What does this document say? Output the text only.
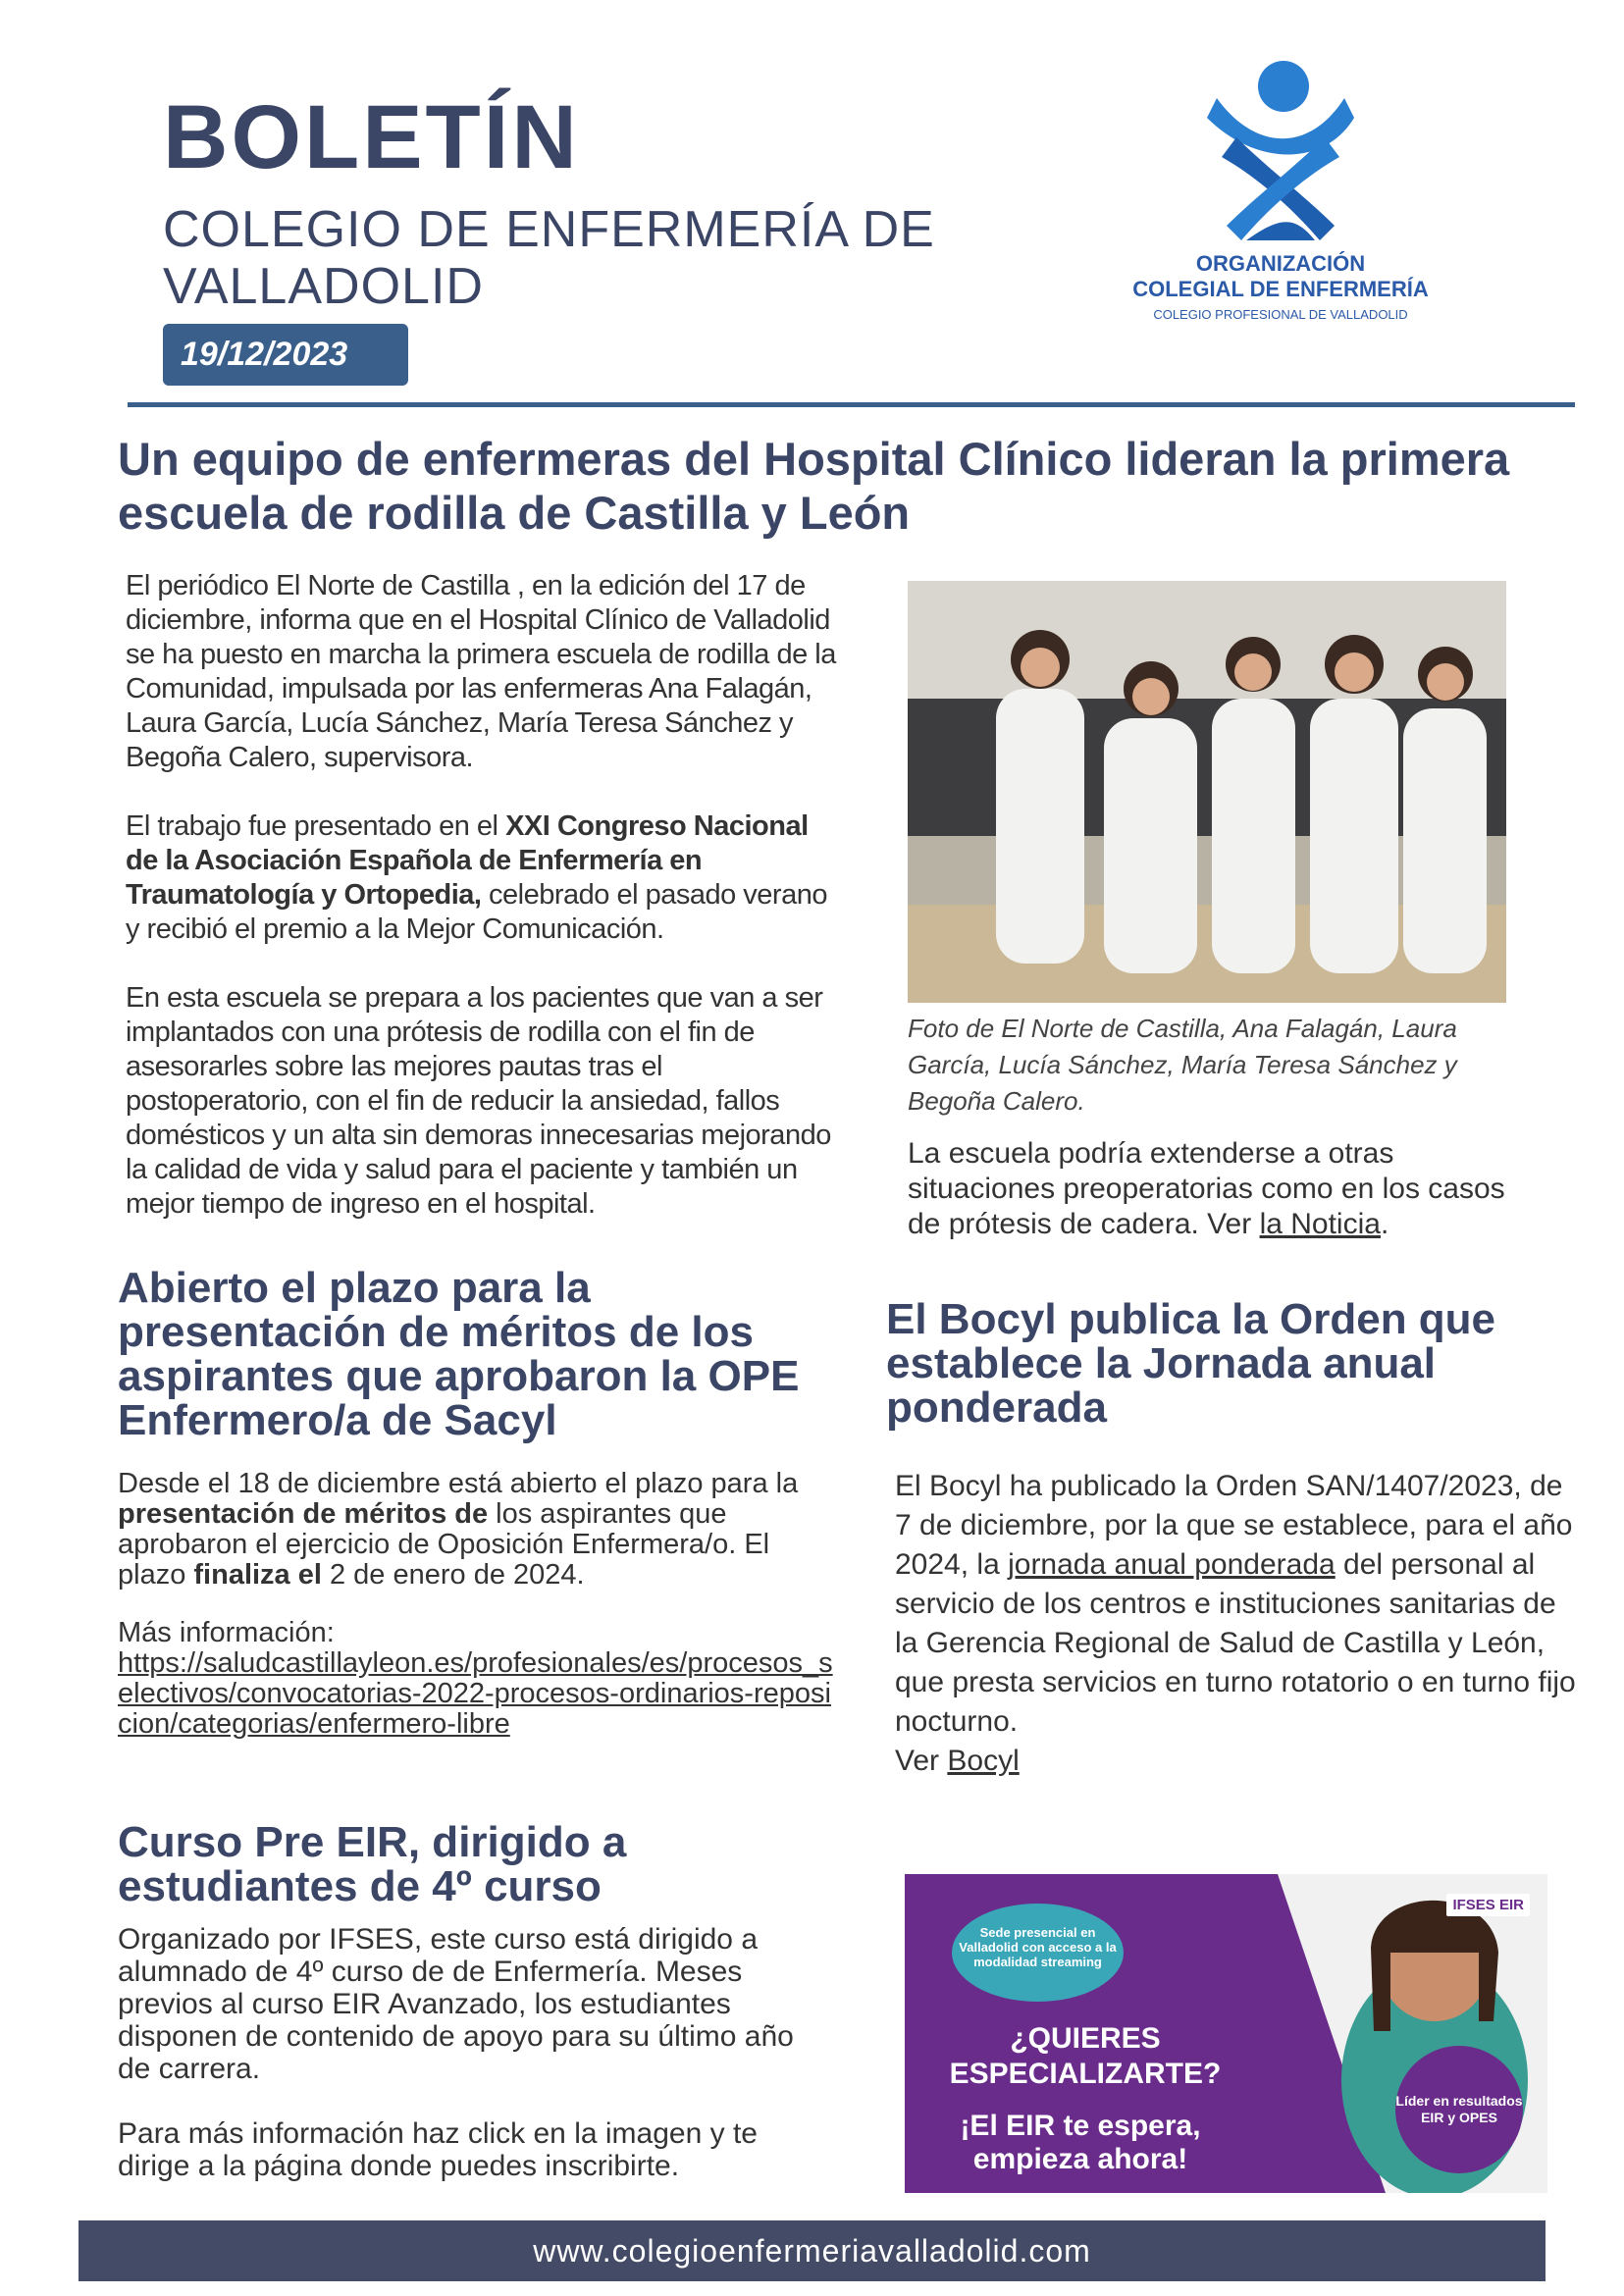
BOLETÍN
COLEGIO DE ENFERMERÍA DE VALLADOLID
19/12/2023
ORGANIZACIÓN
COLEGIAL DE ENFERMERÍA
COLEGIO PROFESIONAL DE VALLADOLID
Un equipo de enfermeras del Hospital Clínico lideran la primera escuela de rodilla de Castilla y León

El periódico El Norte de Castilla , en la edición del 17 de diciembre, informa que en el Hospital Clínico de Valladolid se ha puesto en marcha la primera escuela de rodilla de la Comunidad, impulsada por las enfermeras Ana Falagán, Laura García, Lucía Sánchez, María Teresa Sánchez y Begoña Calero, supervisora.

El trabajo fue presentado en el XXI Congreso Nacional de la Asociación Española de Enfermería en Traumatología y Ortopedia, celebrado el pasado verano y recibió el premio a la Mejor Comunicación.

En esta escuela se prepara a los pacientes que van a ser implantados con una prótesis de rodilla con el fin de asesorarles sobre las mejores pautas tras el postoperatorio, con el fin de reducir la ansiedad, fallos domésticos y un alta sin demoras innecesarias mejorando la calidad de vida y salud para el paciente y también un mejor tiempo de ingreso en el hospital.

Foto de El Norte de Castilla, Ana Falagán, Laura García, Lucía Sánchez, María Teresa Sánchez y Begoña Calero.
La escuela podría extenderse a otras situaciones preoperatorias como en los casos de prótesis de cadera. Ver la Noticia.
Abierto el plazo para la presentación de méritos de los aspirantes que aprobaron la OPE Enfermero/a de Sacyl

Desde el 18 de diciembre está abierto el plazo para la presentación de méritos de los aspirantes que aprobaron el ejercicio de Oposición Enfermera/o. El plazo finaliza el 2 de enero de 2024.

Más información:
https://saludcastillayleon.es/profesionales/es/procesos_selectivos/convocatorias-2022-procesos-ordinarios-reposicion/categorias/enfermero-libre

El Bocyl publica la Orden que establece la Jornada anual ponderada
El Bocyl ha publicado la Orden SAN/1407/2023, de 7 de diciembre, por la que se establece, para el año 2024, la jornada anual ponderada del personal al servicio de los centros e instituciones sanitarias de la Gerencia Regional de Salud de Castilla y León, que presta servicios en turno rotatorio o en turno fijo nocturno.
Ver Bocyl
Curso Pre EIR, dirigido a estudiantes de 4º curso

Organizado por IFSES, este curso está dirigido a alumnado de 4º curso de de Enfermería. Meses previos al curso EIR Avanzado, los estudiantes disponen de contenido de apoyo para su último año de carrera.

Para más información haz click en la imagen y te dirige a la página donde puedes inscribirte.

Sede presencial en Valladolid con acceso a la modalidad streaming
¿QUIERES ESPECIALIZARTE?
¡El EIR te espera, empieza ahora!
IFSES EIR
Líder en resultados EIR y OPES
www.colegioenfermeriavalladolid.com
